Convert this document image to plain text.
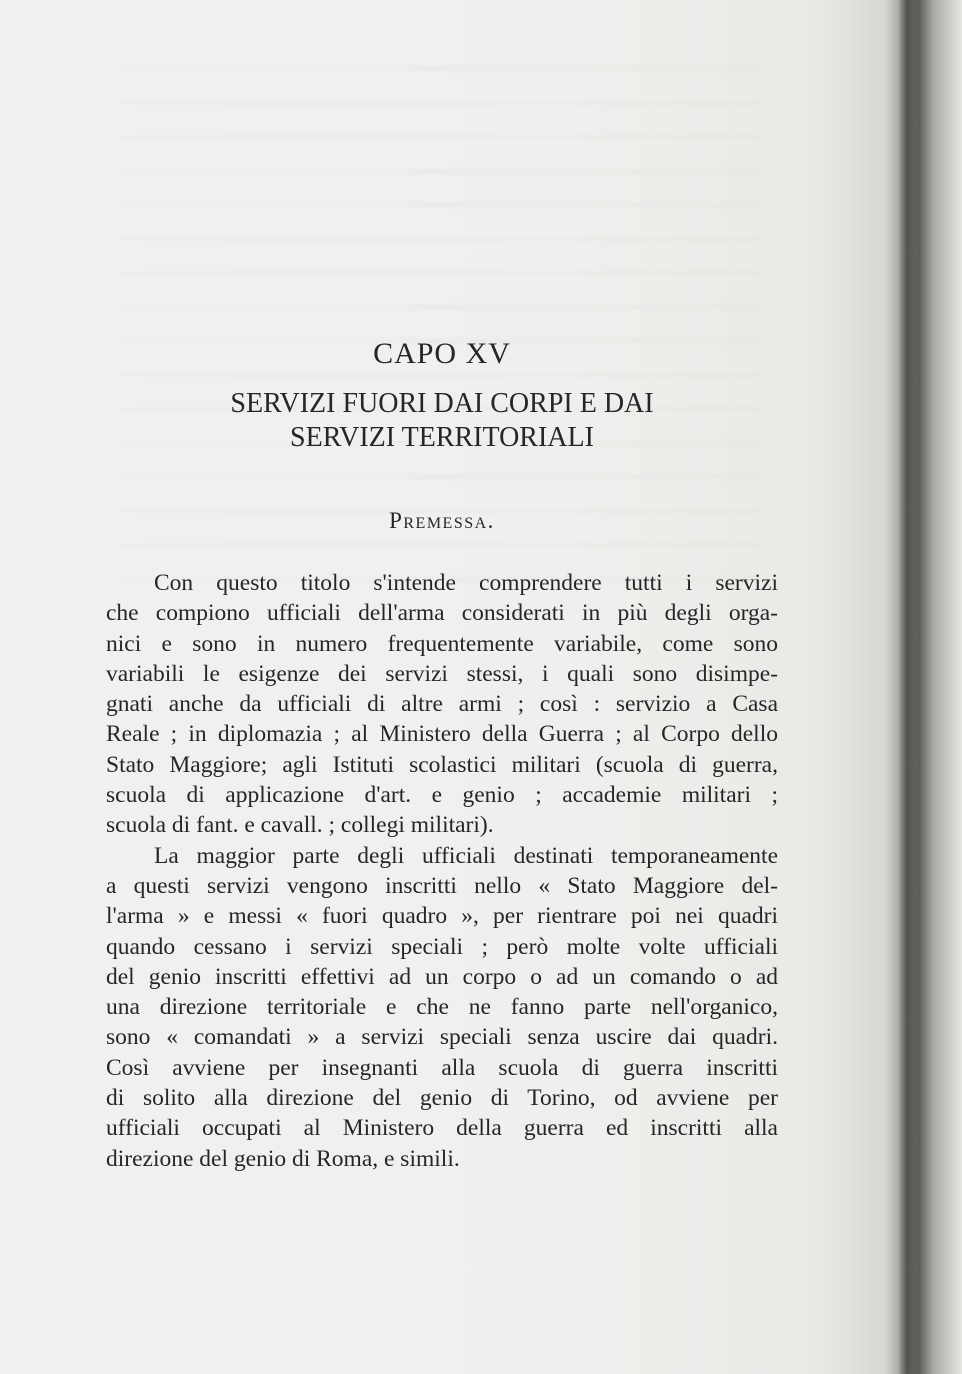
CAPO XV
SERVIZI FUORI DAI CORPI E DAI
SERVIZI TERRITORIALI
Premessa.
Con questo titolo s'intende comprendere tutti i servizi
che compiono ufficiali dell'arma considerati in più degli orga-
nici e sono in numero frequentemente variabile, come sono
variabili le esigenze dei servizi stessi, i quali sono disimpe-
gnati anche da ufficiali di altre armi ; così : servizio a Casa
Reale ; in diplomazia ; al Ministero della Guerra ; al Corpo dello
Stato Maggiore; agli Istituti scolastici militari (scuola di guerra,
scuola di applicazione d'art. e genio ; accademie militari ;
scuola di fant. e cavall. ; collegi militari).
La maggior parte degli ufficiali destinati temporaneamente
a questi servizi vengono inscritti nello « Stato Maggiore del-
l'arma » e messi « fuori quadro », per rientrare poi nei quadri
quando cessano i servizi speciali ; però molte volte ufficiali
del genio inscritti effettivi ad un corpo o ad un comando o ad
una direzione territoriale e che ne fanno parte nell'organico,
sono « comandati » a servizi speciali senza uscire dai quadri.
Così avviene per insegnanti alla scuola di guerra inscritti
di solito alla direzione del genio di Torino, od avviene per
ufficiali occupati al Ministero della guerra ed inscritti alla
direzione del genio di Roma, e simili.
